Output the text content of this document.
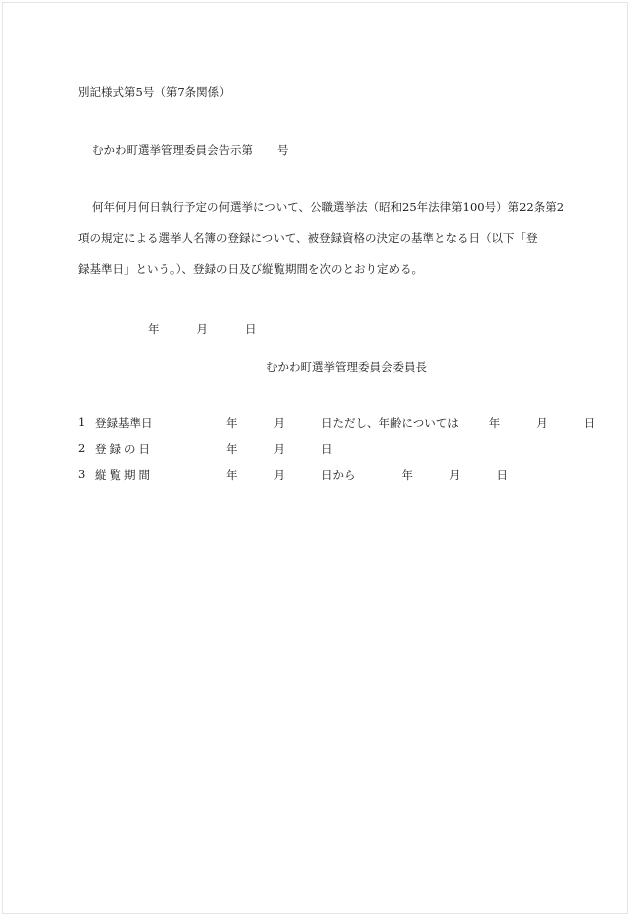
別記様式第5号（第7条関係）
むかわ町選挙管理委員会告示第 号
何年何月何日執行予定の何選挙について、公職選挙法（昭和25年法律第100号）第22条第2
項の規定による選挙人名簿の登録について、被登録資格の決定の基準となる日（以下「登
録基準日」という。）、登録の日及び縦覧期間を次のとおり定める。
年	月	日
むかわ町選挙管理委員会委員長
1 登録基準日	年	月	日ただし、年齢については	年	月	日
2 登録の日	年	月	日
3 縦覧期間	年	月	日から	年	月	日
